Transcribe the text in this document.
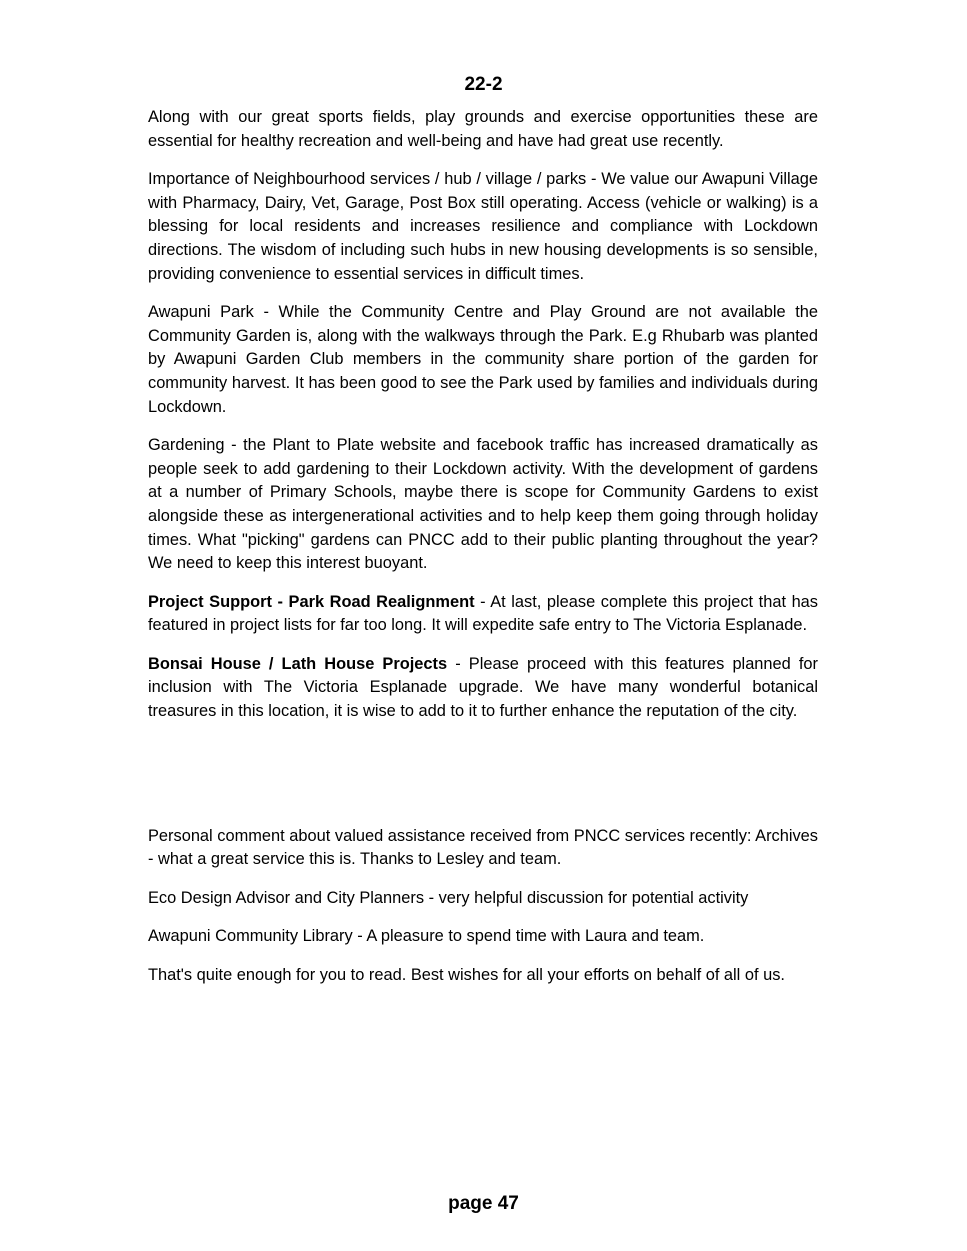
22-2

Along with our great sports fields, play grounds and exercise opportunities these are essential for healthy recreation and well-being and have had great use recently.

Importance of Neighbourhood services / hub / village / parks - We value our Awapuni Village with Pharmacy, Dairy, Vet, Garage, Post Box still operating. Access (vehicle or walking) is a blessing for local residents and increases resilience and compliance with Lockdown directions. The wisdom of including such hubs in new housing developments is so sensible, providing convenience to essential services in difficult times.

Awapuni Park - While the Community Centre and Play Ground are not available the Community Garden is, along with the walkways through the Park. E.g Rhubarb was planted by Awapuni Garden Club members in the community share portion of the garden for community harvest. It has been good to see the Park used by families and individuals during Lockdown.

Gardening - the Plant to Plate website and facebook traffic has increased dramatically as people seek to add gardening to their Lockdown activity. With the development of gardens at a number of Primary Schools, maybe there is scope for Community Gardens to exist alongside these as intergenerational activities and to help keep them going through holiday times. What "picking" gardens can PNCC add to their public planting throughout the year? We need to keep this interest buoyant.

Project Support - Park Road Realignment - At last, please complete this project that has featured in project lists for far too long. It will expedite safe entry to The Victoria Esplanade.

Bonsai House / Lath House Projects - Please proceed with this features planned for inclusion with The Victoria Esplanade upgrade. We have many wonderful botanical treasures in this location, it is wise to add to it to further enhance the reputation of the city.

Personal comment about valued assistance received from PNCC services recently: Archives - what a great service this is. Thanks to Lesley and team.

Eco Design Advisor and City Planners - very helpful discussion for potential activity

Awapuni Community Library - A pleasure to spend time with Laura and team.

That's quite enough for you to read. Best wishes for all your efforts on behalf of all of us.

page 47
